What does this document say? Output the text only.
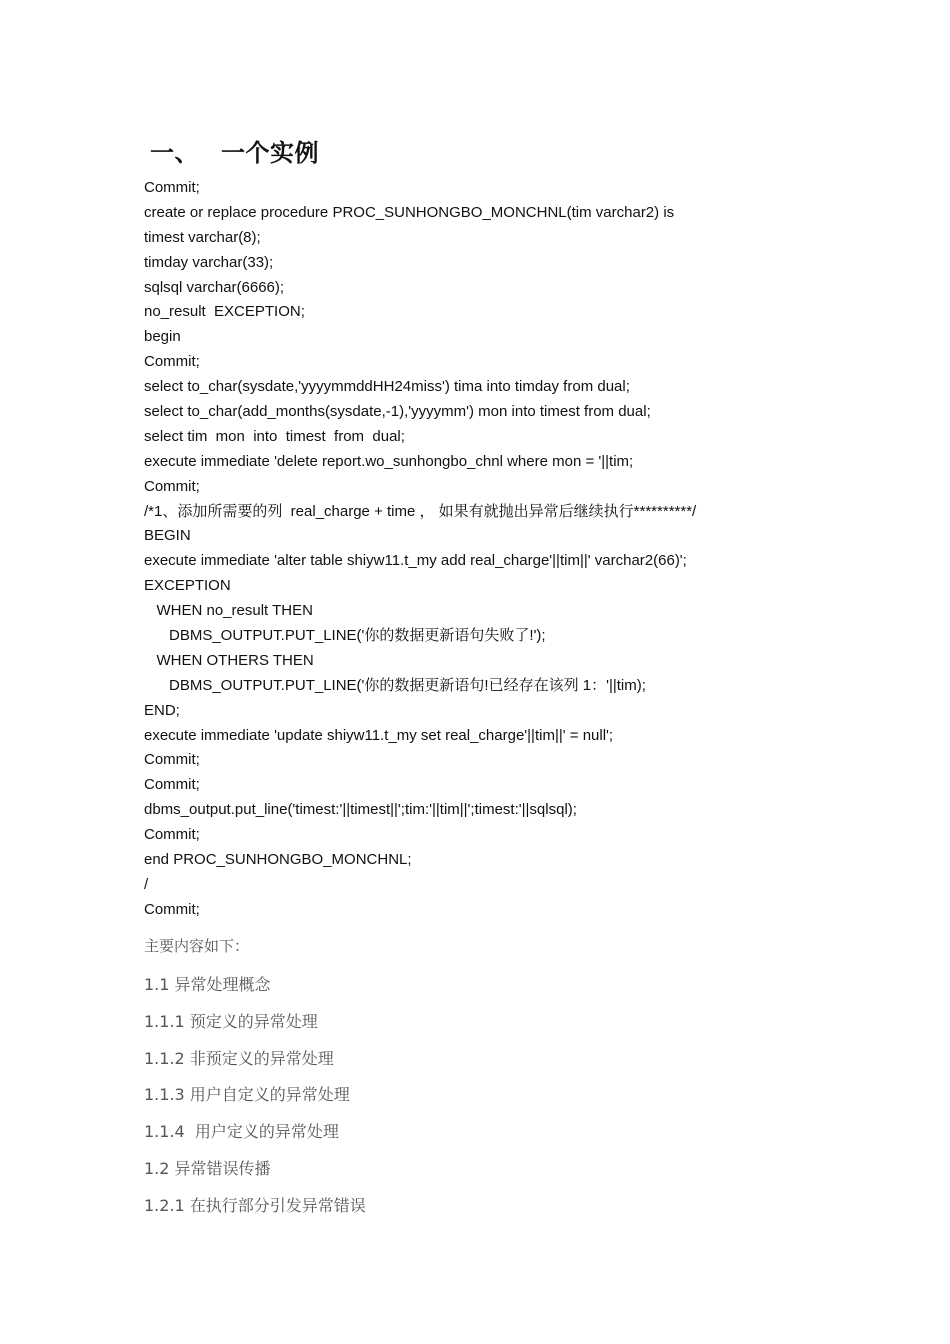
一、 一个实例
Commit;
create or replace procedure PROC_SUNHONGBO_MONCHNL(tim varchar2) is
timest varchar(8);
timday varchar(33);
sqlsql varchar(6666);
no_result  EXCEPTION;
begin
Commit;
select to_char(sysdate,'yyyymmddHH24miss') tima into timday from dual;
select to_char(add_months(sysdate,-1),'yyyymm') mon into timest from dual;
select tim  mon  into  timest  from  dual;
execute immediate 'delete report.wo_sunhongbo_chnl where mon = '||tim;
Commit;
/*1、添加所需要的列  real_charge + time ， 如果有就抛出异常后继续执行**********/
BEGIN
execute immediate 'alter table shiyw11.t_my add real_charge'||tim||' varchar2(66)';
EXCEPTION
WHEN no_result THEN
DBMS_OUTPUT.PUT_LINE('你的数据更新语句失败了!');
WHEN OTHERS THEN
DBMS_OUTPUT.PUT_LINE('你的数据更新语句!已经存在该列 1：'||tim);
END;
execute immediate 'update shiyw11.t_my set real_charge'||tim||' = null';
Commit;
Commit;
dbms_output.put_line('timest:'||timest||';tim:'||tim||';timest:'||sqlsql);
Commit;
end PROC_SUNHONGBO_MONCHNL;
/
Commit;
主要内容如下：
1.1 异常处理概念
1.1.1 预定义的异常处理
1.1.2 非预定义的异常处理
1.1.3 用户自定义的异常处理
1.1.4  用户定义的异常处理
1.2 异常错误传播
1.2.1 在执行部分引发异常错误
